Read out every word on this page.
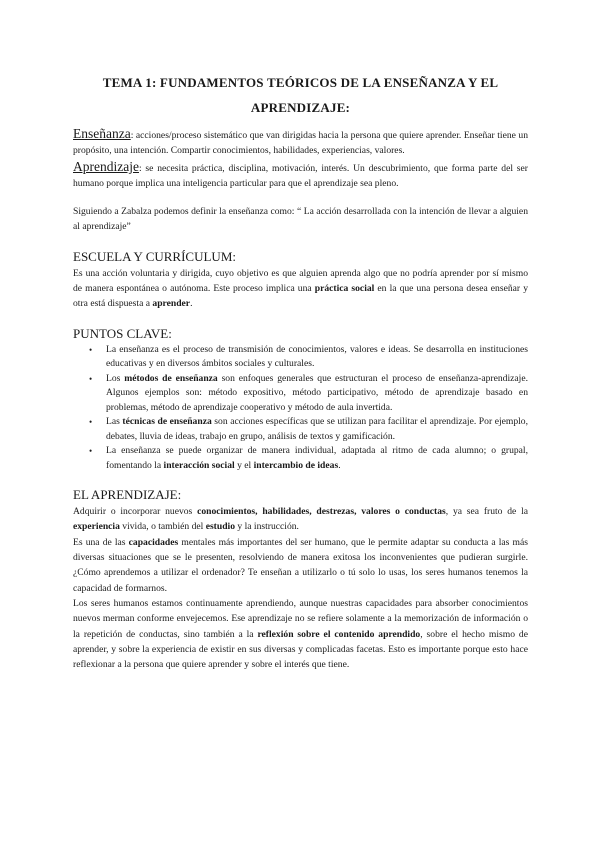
TEMA 1: FUNDAMENTOS TEÓRICOS DE LA ENSEÑANZA Y EL
APRENDIZAJE:

Enseñanza: acciones/proceso sistemático que van dirigidas hacia la persona que quiere aprender. Enseñar tiene un propósito, una intención. Compartir conocimientos, habilidades, experiencias, valores.

Aprendizaje: se necesita práctica, disciplina, motivación, interés. Un descubrimiento, que forma parte del ser humano porque implica una inteligencia particular para que el aprendizaje sea pleno.

Siguiendo a Zabalza podemos definir la enseñanza como: “ La acción desarrollada con la intención de llevar a alguien al aprendizaje”

ESCUELA Y CURRÍCULUM:

Es una acción voluntaria y dirigida, cuyo objetivo es que alguien aprenda algo que no podría aprender por sí mismo de manera espontánea o autónoma. Este proceso implica una práctica social en la que una persona desea enseñar y otra está dispuesta a aprender.

PUNTOS CLAVE:
• La enseñanza es el proceso de transmisión de conocimientos, valores e ideas. Se desarrolla en instituciones educativas y en diversos ámbitos sociales y culturales.
• Los métodos de enseñanza son enfoques generales que estructuran el proceso de enseñanza-aprendizaje. Algunos ejemplos son: método expositivo, método participativo, método de aprendizaje basado en problemas, método de aprendizaje cooperativo y método de aula invertida.
• Las técnicas de enseñanza son acciones específicas que se utilizan para facilitar el aprendizaje. Por ejemplo, debates, lluvia de ideas, trabajo en grupo, análisis de textos y gamificación.
• La enseñanza se puede organizar de manera individual, adaptada al ritmo de cada alumno; o grupal, fomentando la interacción social y el intercambio de ideas.
EL APRENDIZAJE:

Adquirir o incorporar nuevos conocimientos, habilidades, destrezas, valores o conductas, ya sea fruto de la experiencia vivida, o también del estudio y la instrucción.

Es una de las capacidades mentales más importantes del ser humano, que le permite adaptar su conducta a las más diversas situaciones que se le presenten, resolviendo de manera exitosa los inconvenientes que pudieran surgirle. ¿Cómo aprendemos a utilizar el ordenador? Te enseñan a utilizarlo o tú solo lo usas, los seres humanos tenemos la capacidad de formarnos.

Los seres humanos estamos continuamente aprendiendo, aunque nuestras capacidades para absorber conocimientos nuevos merman conforme envejecemos. Ese aprendizaje no se refiere solamente a la memorización de información o la repetición de conductas, sino también a la reflexión sobre el contenido aprendido, sobre el hecho mismo de aprender, y sobre la experiencia de existir en sus diversas y complicadas facetas. Esto es importante porque esto hace reflexionar a la persona que quiere aprender y sobre el interés que tiene.
